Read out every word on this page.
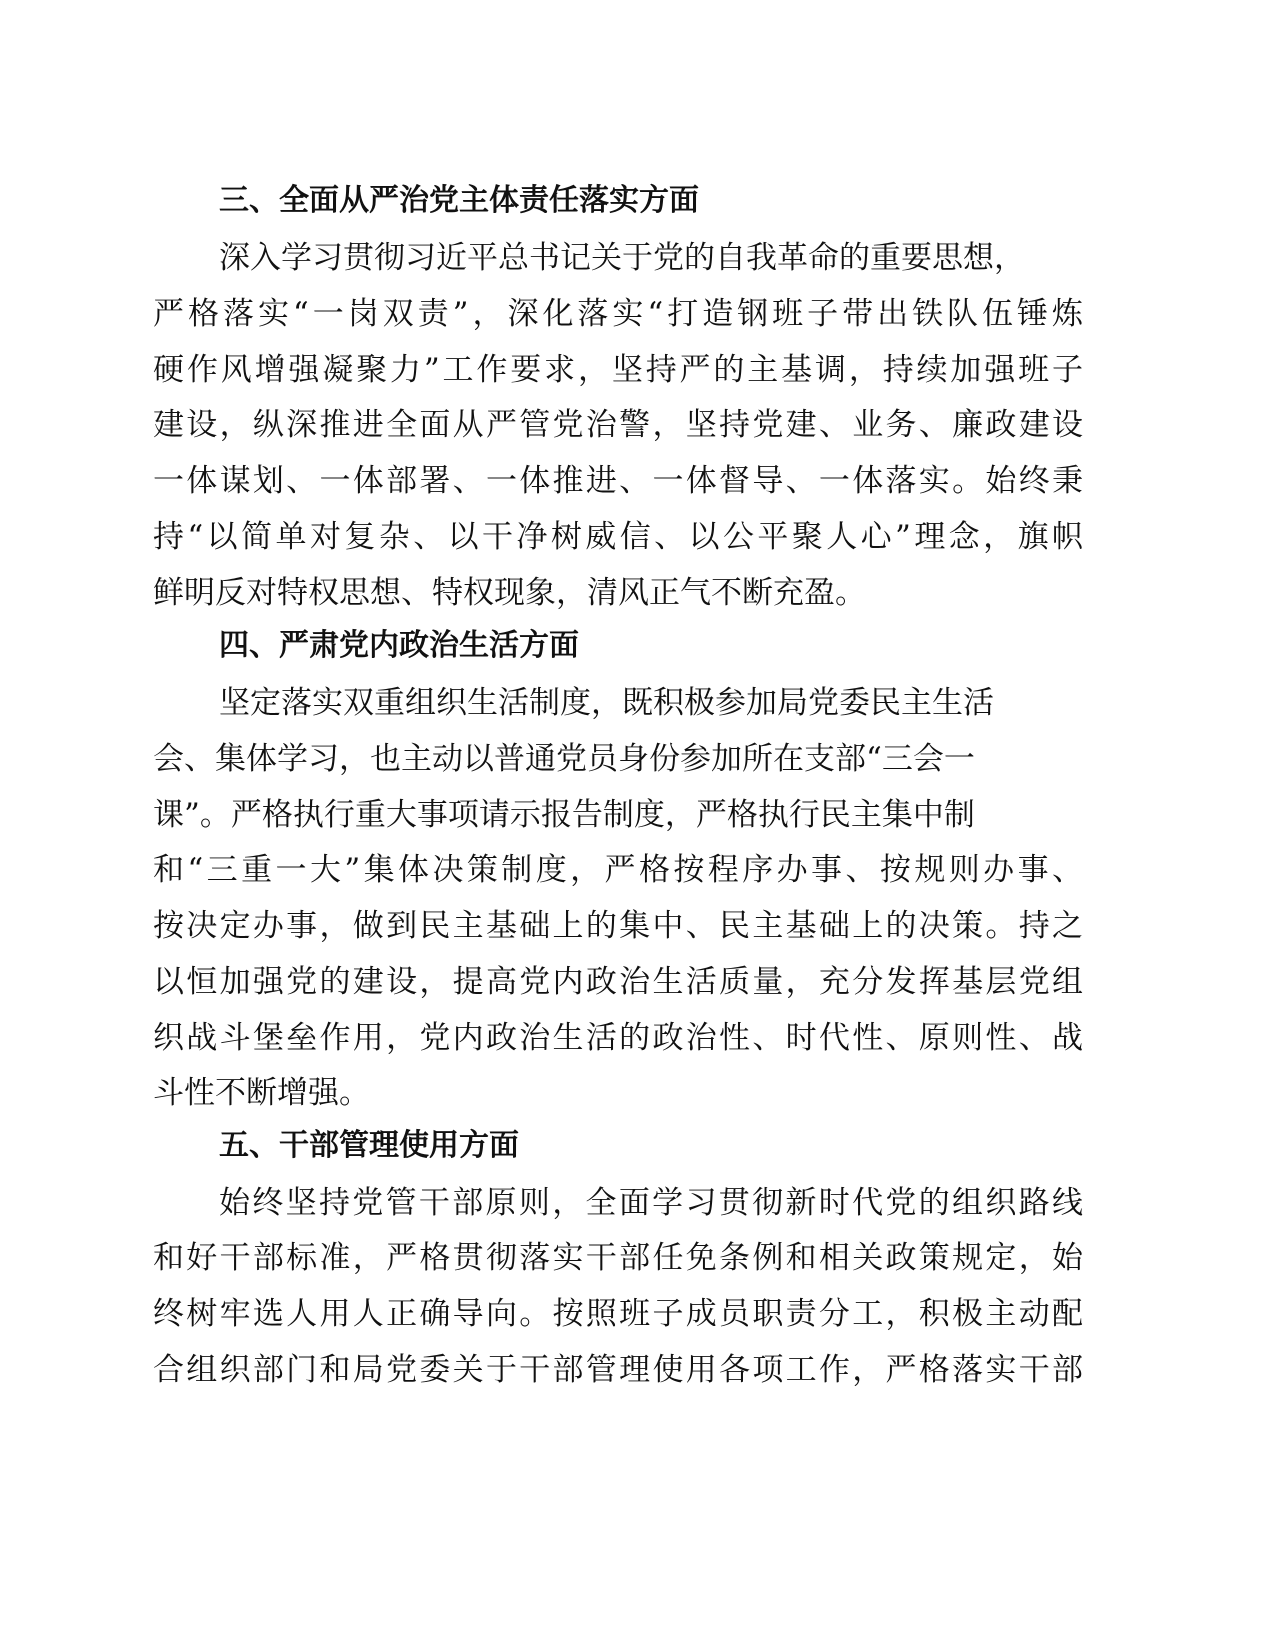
三、全面从严治党主体责任落实方面
深入学习贯彻习近平总书记关于党的自我革命的重要思想，
严格落实“一岗双责”，深化落实“打造钢班子带出铁队伍锤炼
硬作风增强凝聚力”工作要求，坚持严的主基调，持续加强班子
建设，纵深推进全面从严管党治警，坚持党建、业务、廉政建设
一体谋划、一体部署、一体推进、一体督导、一体落实。始终秉
持“以简单对复杂、以干净树威信、以公平聚人心”理念，旗帜
鲜明反对特权思想、特权现象，清风正气不断充盈。
四、严肃党内政治生活方面
坚定落实双重组织生活制度，既积极参加局党委民主生活
会、集体学习，也主动以普通党员身份参加所在支部“三会一
课”。严格执行重大事项请示报告制度，严格执行民主集中制
和“三重一大”集体决策制度，严格按程序办事、按规则办事、
按决定办事，做到民主基础上的集中、民主基础上的决策。持之
以恒加强党的建设，提高党内政治生活质量，充分发挥基层党组
织战斗堡垒作用，党内政治生活的政治性、时代性、原则性、战
斗性不断增强。
五、干部管理使用方面
始终坚持党管干部原则，全面学习贯彻新时代党的组织路线
和好干部标准，严格贯彻落实干部任免条例和相关政策规定，始
终树牢选人用人正确导向。按照班子成员职责分工，积极主动配
合组织部门和局党委关于干部管理使用各项工作，严格落实干部
